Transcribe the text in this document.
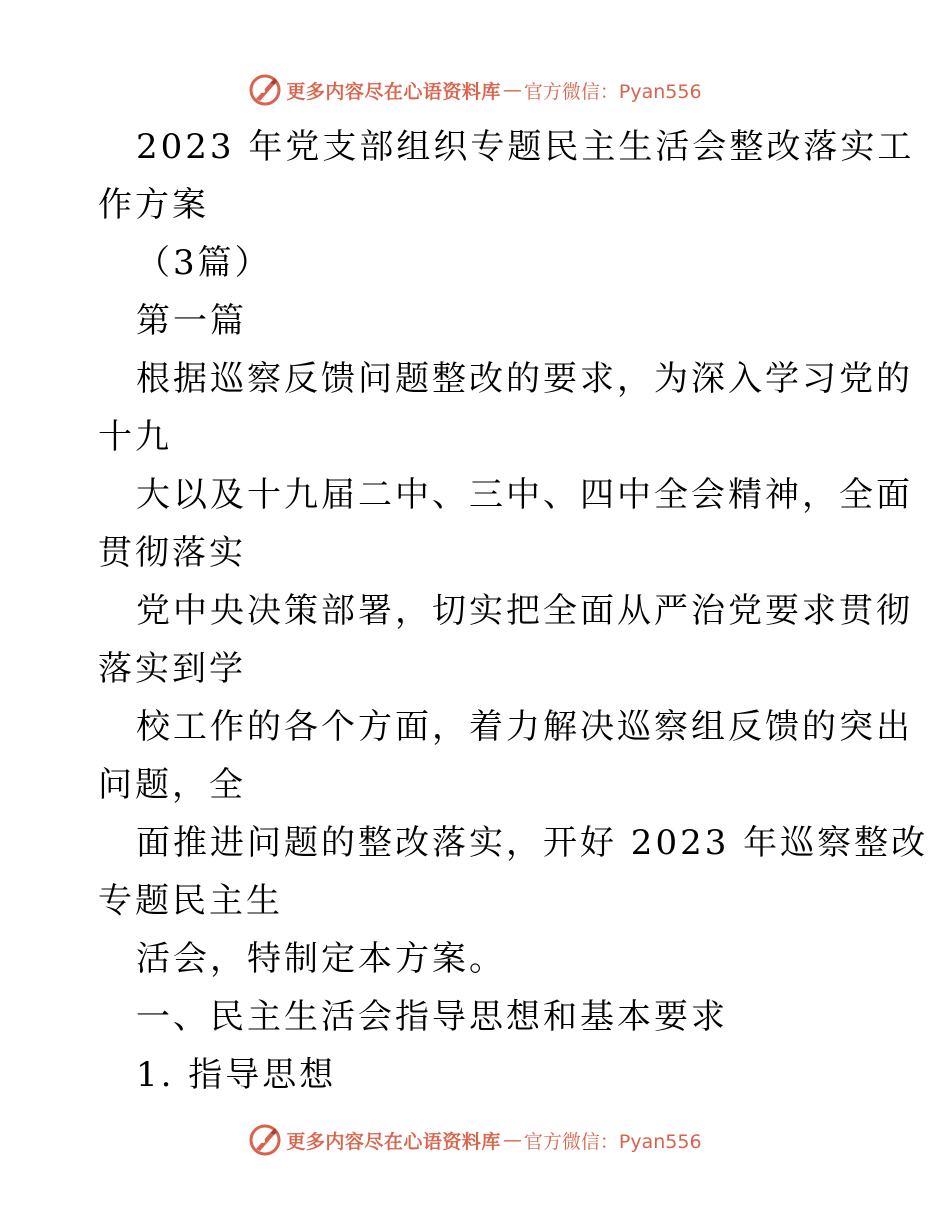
更多内容尽在心语资料库 — 官方微信：Pyan556
2023 年党支部组织专题民主生活会整改落实工
作方案
（3篇）
第一篇
根据巡察反馈问题整改的要求，为深入学习党的
十九
大以及十九届二中、三中、四中全会精神，全面
贯彻落实
党中央决策部署，切实把全面从严治党要求贯彻
落实到学
校工作的各个方面，着力解决巡察组反馈的突出
问题，全
面推进问题的整改落实，开好 2023 年巡察整改
专题民主生
活会，特制定本方案。
一、民主生活会指导思想和基本要求
1. 指导思想
更多内容尽在心语资料库 — 官方微信：Pyan556
